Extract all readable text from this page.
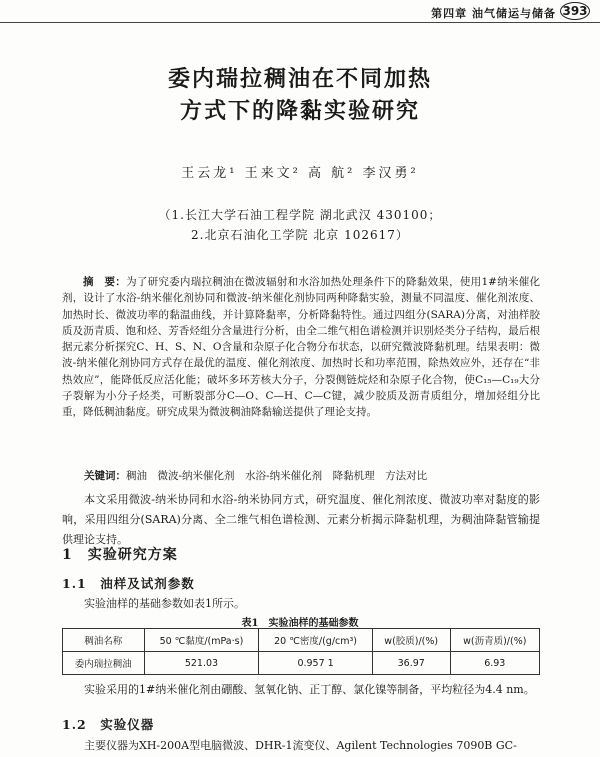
第四章 油气储运与储备 393
委内瑞拉稠油在不同加热
方式下的降黏实验研究
王云龙¹ 王来文² 高 航² 李汉勇²
（1.长江大学石油工程学院 湖北武汉 430100；
2.北京石油化工学院 北京 102617）
摘　要：为了研究委内瑞拉稠油在微波辐射和水浴加热处理条件下的降黏效果，使用1#纳米催化剂，设计了水浴-纳米催化剂协同和微波-纳米催化剂协同两种降黏实验，测量不同温度、催化剂浓度、加热时长、微波功率的黏温曲线，并计算降黏率，分析降黏特性。通过四组分(SARA)分离，对油样胶质及沥青质、饱和烃、芳香烃组分含量进行分析，由全二维气相色谱检测并识别烃类分子结构，最后根据元素分析探究C、H、S、N、O含量和杂原子化合物分布状态，以研究微波降黏机理。结果表明：微波-纳米催化剂协同方式存在最优的温度、催化剂浓度、加热时长和功率范围，除热效应外，还存在“非热效应”，能降低反应活化能；破坏多环芳核大分子，分裂侧链烷烃和杂原子化合物，使C₁₅—C₁₉大分子裂解为小分子烃类，可断裂部分C—O、C—H、C—C键，减少胶质及沥青质组分，增加烃组分比重，降低稠油黏度。研究成果为微波稠油降黏输送提供了理论支持。
关键词：稠油　微波-纳米催化剂　水浴-纳米催化剂　降黏机理　方法对比
本文采用微波-纳米协同和水浴-纳米协同方式，研究温度、催化剂浓度、微波功率对黏度的影响，采用四组分(SARA)分离、全二维气相色谱检测、元素分析揭示降黏机理，为稠油降黏管输提供理论支持。
1　实验研究方案
1.1　油样及试剂参数
实验油样的基础参数如表1所示。
表1　实验油样的基础参数
稠油名称	50 ℃黏度/(mPa·s)	20 ℃密度/(g/cm³)	w(胶质)/(%)	w(沥青质)/(%)
委内瑞拉稠油	521.03	0.957 1	36.97	6.93
实验采用的1#纳米催化剂由硼酸、氢氧化钠、正丁醇、氯化镍等制备，平均粒径为4.4 nm。
1.2　实验仪器
主要仪器为XH-200A型电脑微波、DHR-1流变仪、Agilent Technologies 7090B GC-
